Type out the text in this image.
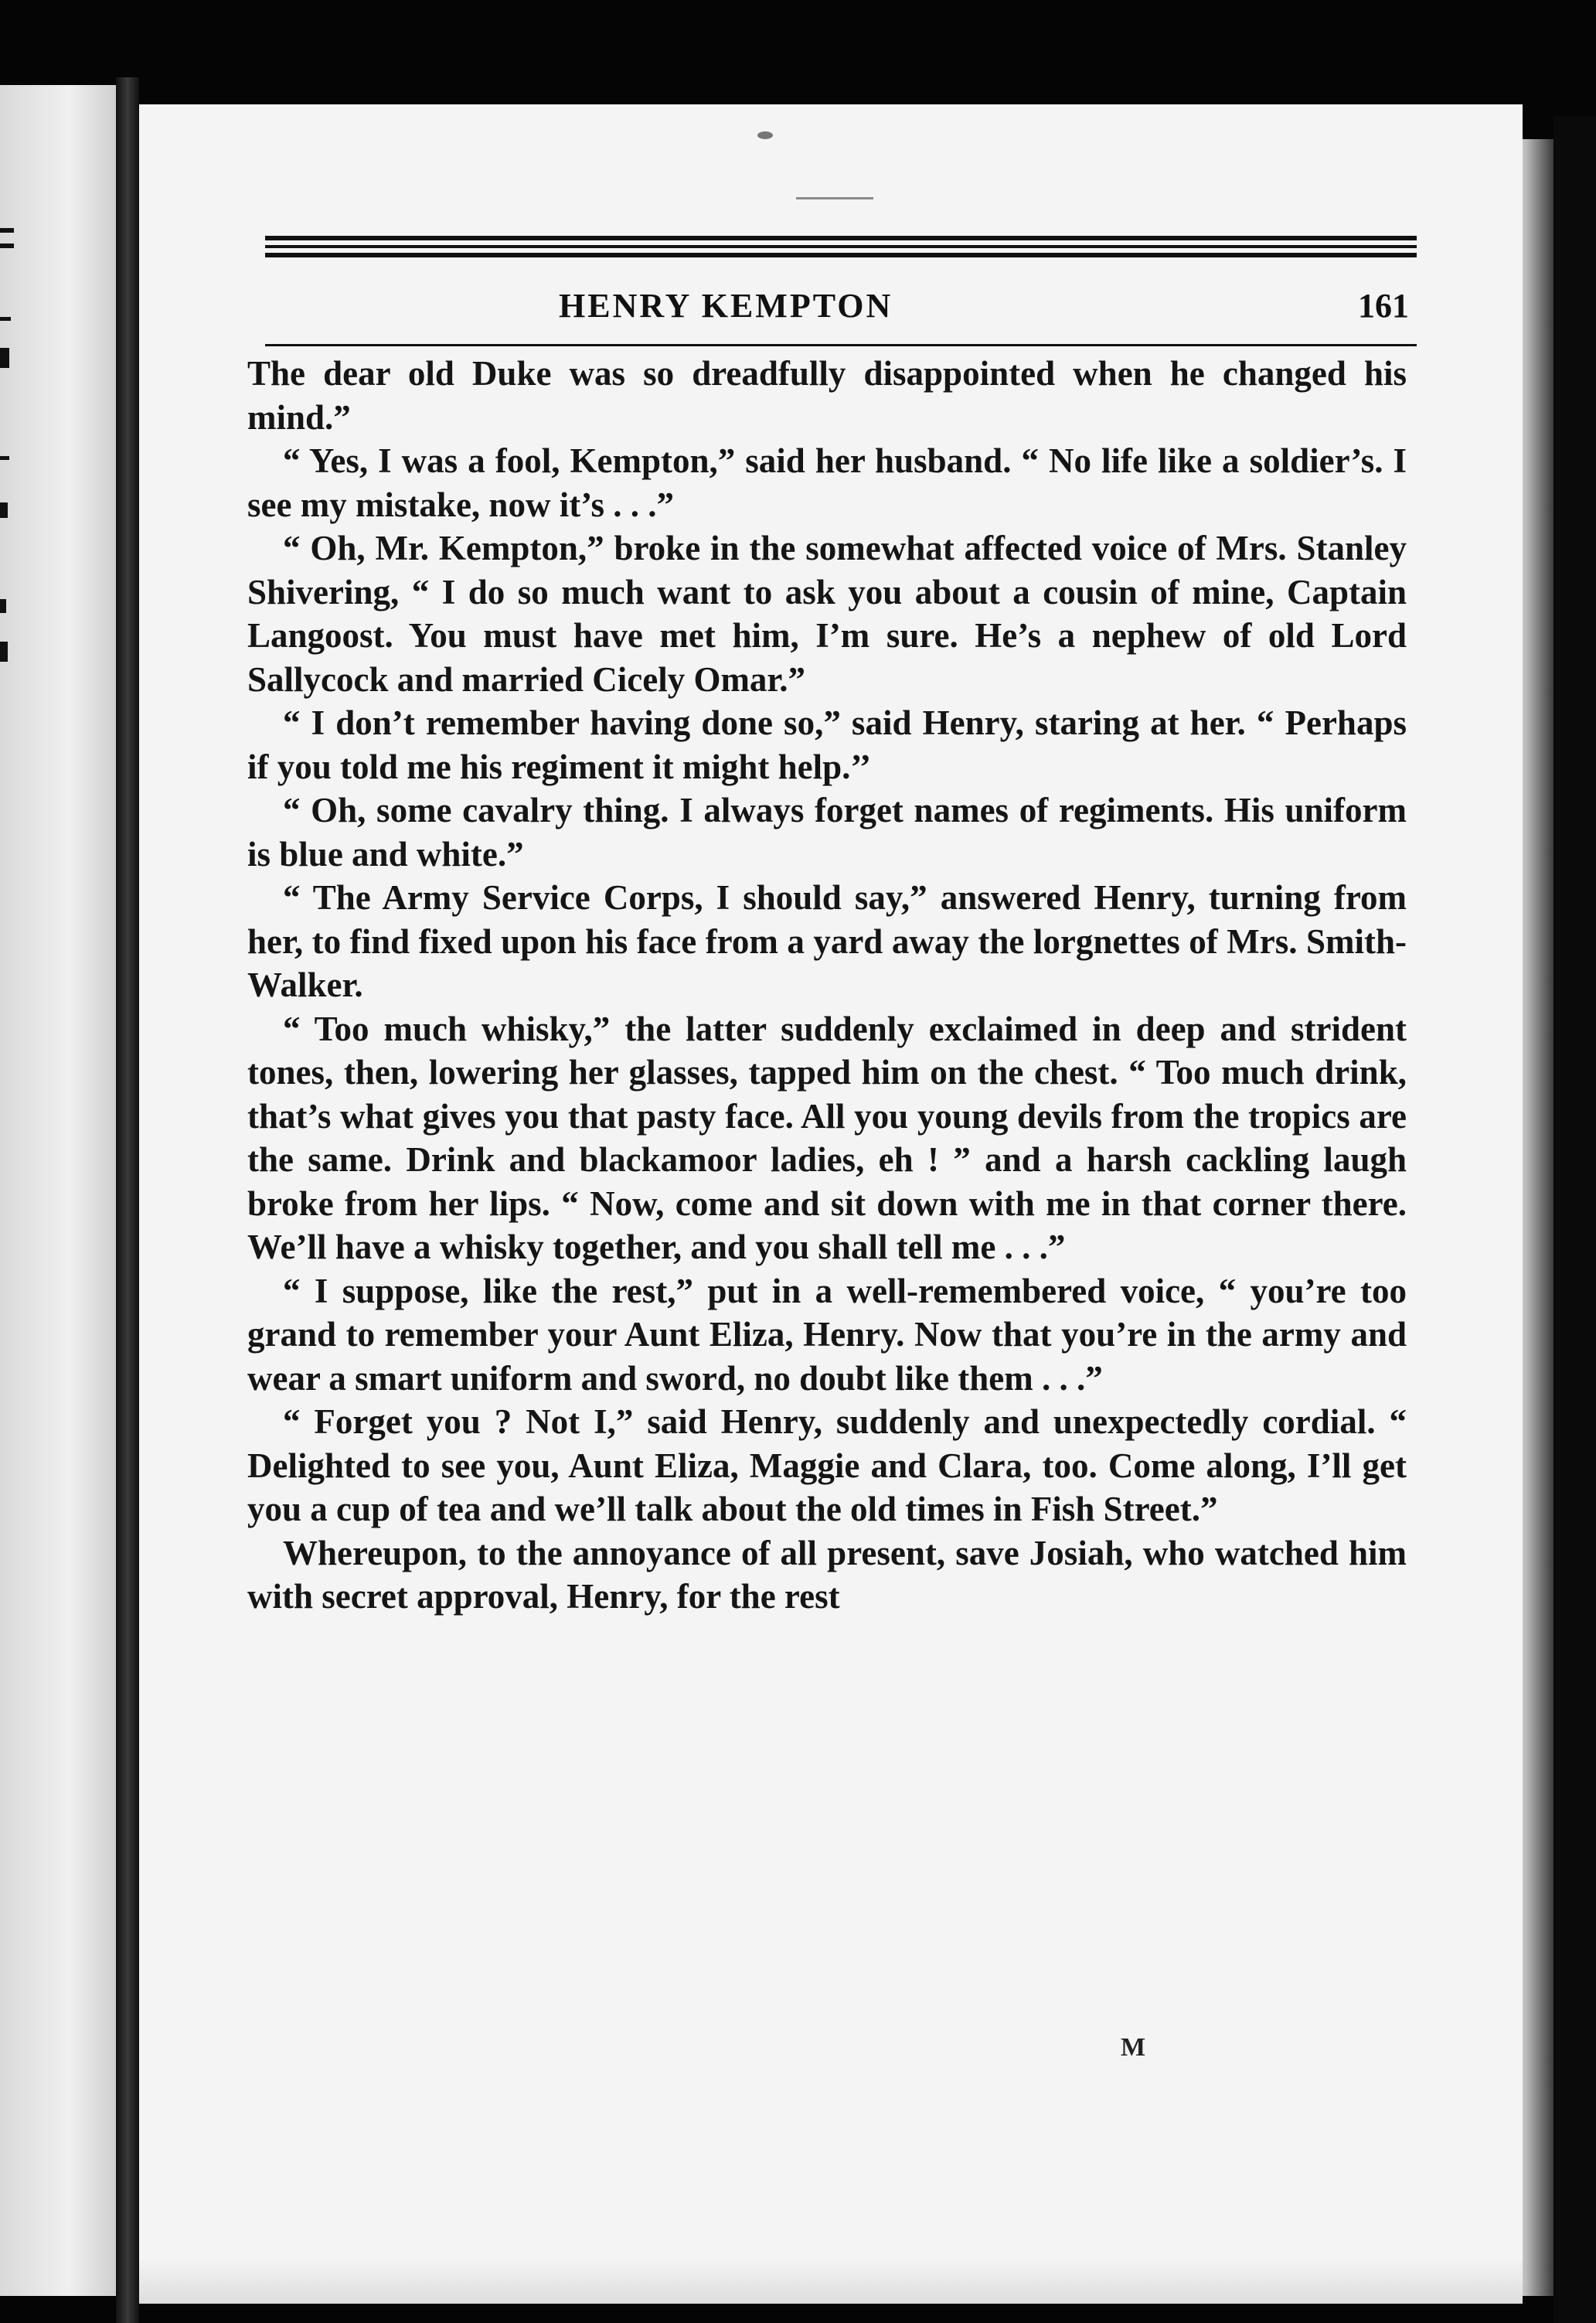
HENRY KEMPTON	161

The dear old Duke was so dreadfully disappointed when he changed his mind.”

“ Yes, I was a fool, Kempton,” said her husband. “ No life like a soldier’s. I see my mistake, now it’s . . .”

“ Oh, Mr. Kempton,” broke in the somewhat affected voice of Mrs. Stanley Shivering, “ I do so much want to ask you about a cousin of mine, Captain Langoost. You must have met him, I’m sure. He’s a nephew of old Lord Sallycock and married Cicely Omar.”

“ I don’t remember having done so,” said Henry, staring at her. “ Perhaps if you told me his regiment it might help.’’

“ Oh, some cavalry thing. I always forget names of regiments. His uniform is blue and white.”

“ The Army Service Corps, I should say,” answered Henry, turning from her, to find fixed upon his face from a yard away the lorgnettes of Mrs. Smith-Walker.

“ Too much whisky,” the latter suddenly exclaimed in deep and strident tones, then, lowering her glasses, tapped him on the chest. “ Too much drink, that’s what gives you that pasty face. All you young devils from the tropics are the same. Drink and blackamoor ladies, eh ! ” and a harsh cackling laugh broke from her lips. “ Now, come and sit down with me in that corner there. We’ll have a whisky together, and you shall tell me . . .”

“ I suppose, like the rest,” put in a well-remembered voice, “ you’re too grand to remember your Aunt Eliza, Henry. Now that you’re in the army and wear a smart uniform and sword, no doubt like them . . .”

“ Forget you ? Not I,” said Henry, suddenly and unexpectedly cordial. “ Delighted to see you, Aunt Eliza, Maggie and Clara, too. Come along, I’ll get you a cup of tea and we’ll talk about the old times in Fish Street.”

Whereupon, to the annoyance of all present, save Josiah, who watched him with secret approval, Henry, for the rest

M
